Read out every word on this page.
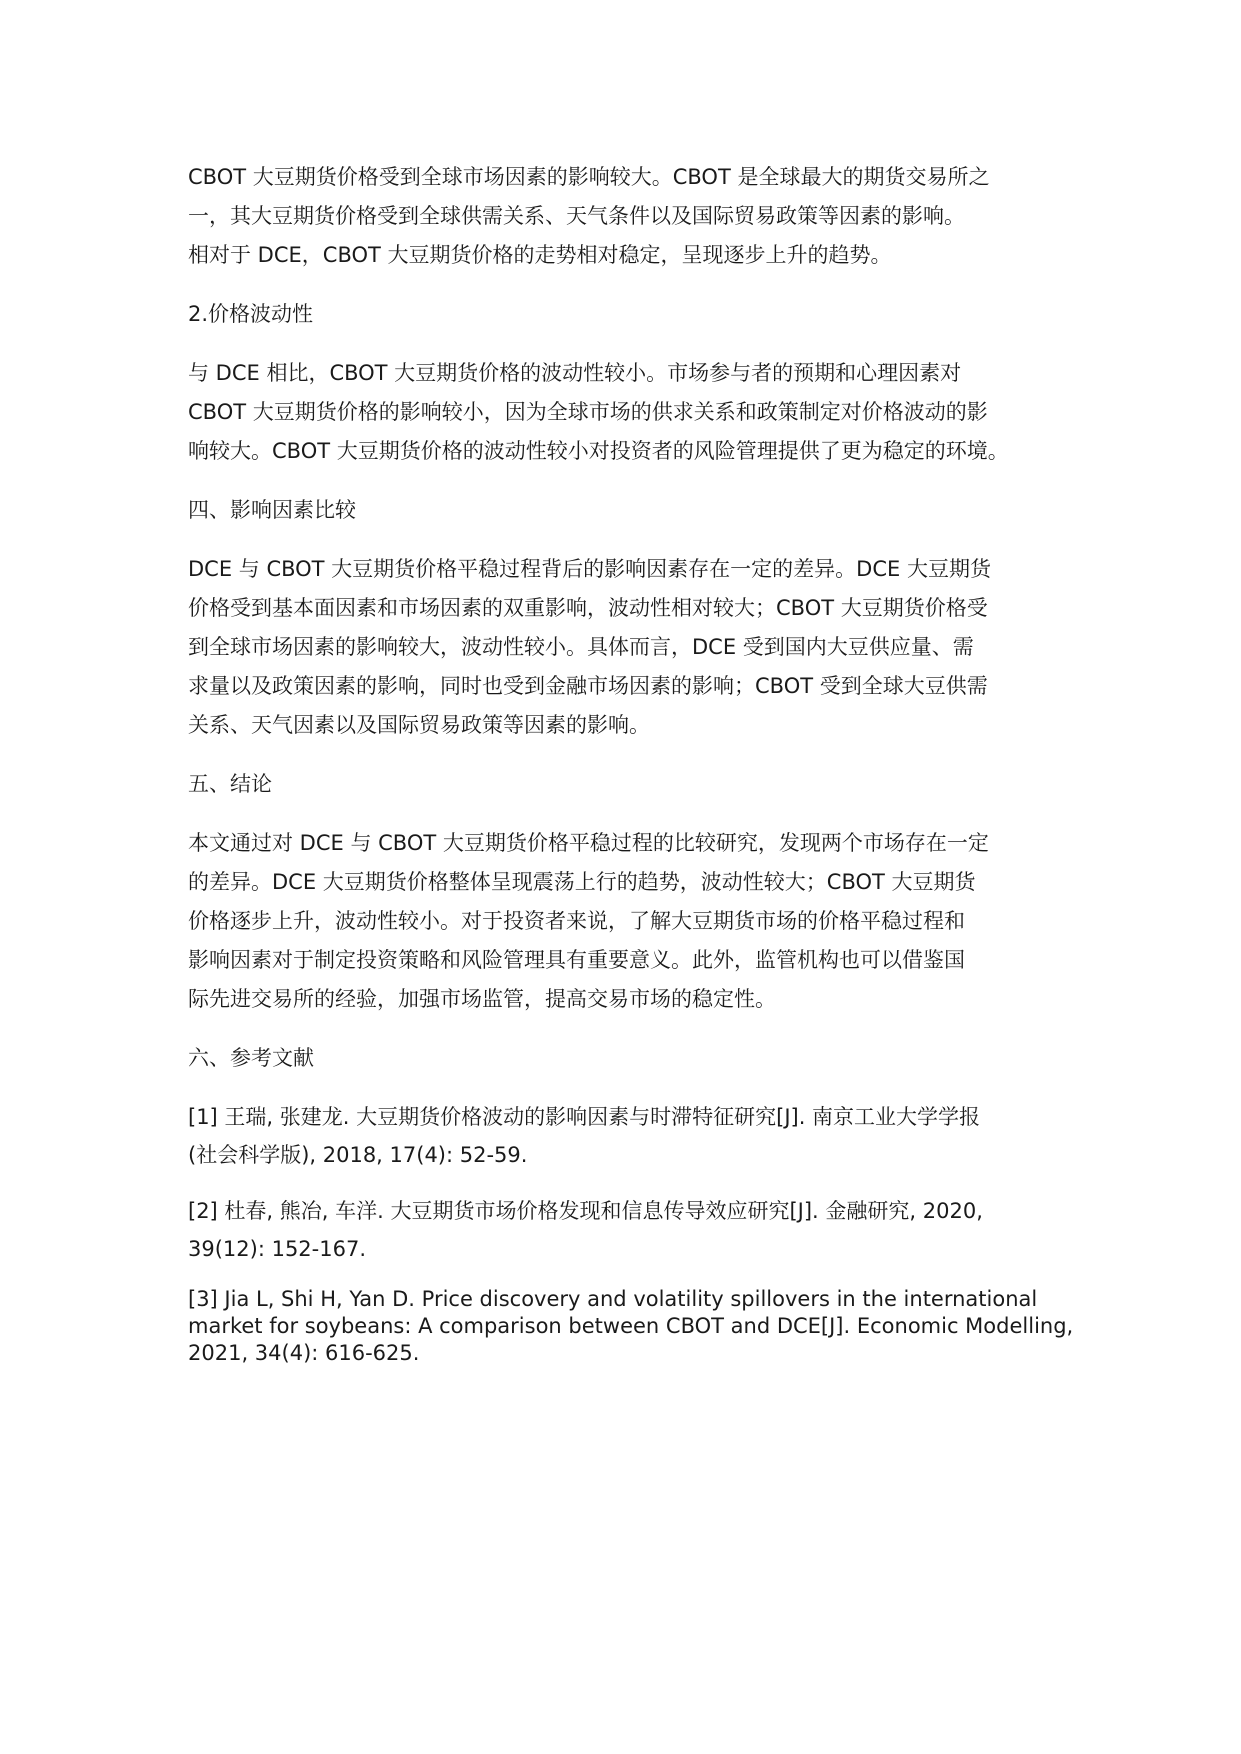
CBOT 大豆期货价格受到全球市场因素的影响较大。CBOT 是全球最大的期货交易所之
一，其大豆期货价格受到全球供需关系、天气条件以及国际贸易政策等因素的影响。
相对于 DCE，CBOT 大豆期货价格的走势相对稳定，呈现逐步上升的趋势。
2.价格波动性
与 DCE 相比，CBOT 大豆期货价格的波动性较小。市场参与者的预期和心理因素对
CBOT 大豆期货价格的影响较小，因为全球市场的供求关系和政策制定对价格波动的影
响较大。CBOT 大豆期货价格的波动性较小对投资者的风险管理提供了更为稳定的环境。
四、影响因素比较
DCE 与 CBOT 大豆期货价格平稳过程背后的影响因素存在一定的差异。DCE 大豆期货
价格受到基本面因素和市场因素的双重影响，波动性相对较大；CBOT 大豆期货价格受
到全球市场因素的影响较大，波动性较小。具体而言，DCE 受到国内大豆供应量、需
求量以及政策因素的影响，同时也受到金融市场因素的影响；CBOT 受到全球大豆供需
关系、天气因素以及国际贸易政策等因素的影响。
五、结论
本文通过对 DCE 与 CBOT 大豆期货价格平稳过程的比较研究，发现两个市场存在一定
的差异。DCE 大豆期货价格整体呈现震荡上行的趋势，波动性较大；CBOT 大豆期货
价格逐步上升，波动性较小。对于投资者来说，了解大豆期货市场的价格平稳过程和
影响因素对于制定投资策略和风险管理具有重要意义。此外，监管机构也可以借鉴国
际先进交易所的经验，加强市场监管，提高交易市场的稳定性。
六、参考文献
[1] 王瑞, 张建龙. 大豆期货价格波动的影响因素与时滞特征研究[J]. 南京工业大学学报
(社会科学版), 2018, 17(4): 52-59.
[2] 杜春, 熊冶, 车洋. 大豆期货市场价格发现和信息传导效应研究[J]. 金融研究, 2020,
39(12): 152-167.
[3] Jia L, Shi H, Yan D. Price discovery and volatility spillovers in the international
market for soybeans: A comparison between CBOT and DCE[J]. Economic Modelling,
2021, 34(4): 616-625.
